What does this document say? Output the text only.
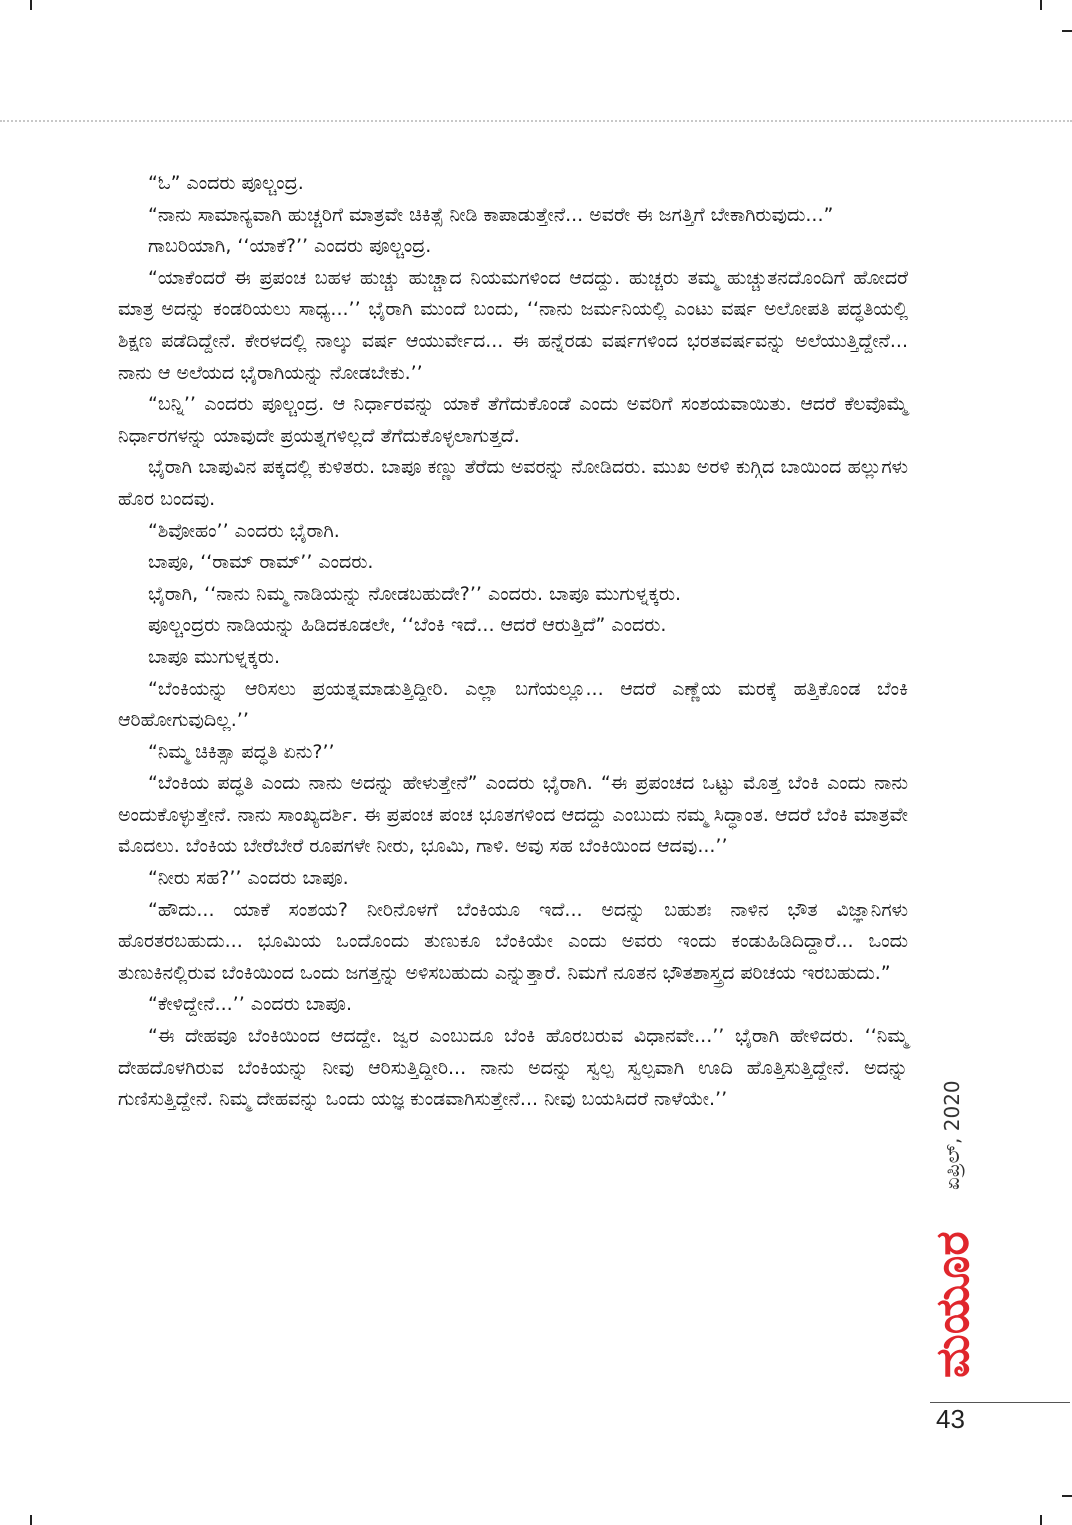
“ಓ” ಎಂದರು ಪೂಲ್ಚಂದ್ರ.

“ನಾನು ಸಾಮಾನ್ಯವಾಗಿ ಹುಚ್ಚರಿಗೆ ಮಾತ್ರವೇ ಚಿಕಿತ್ಸೆ ನೀಡಿ ಕಾಪಾಡುತ್ತೇನೆ... ಅವರೇ ಈ ಜಗತ್ತಿಗೆ ಬೇಕಾಗಿರುವುದು...”

ಗಾಬರಿಯಾಗಿ, ‘‘ಯಾಕೆ?’’ ಎಂದರು ಪೂಲ್ಚಂದ್ರ.

“ಯಾಕೆಂದರೆ ಈ ಪ್ರಪಂಚ ಬಹಳ ಹುಚ್ಚು ಹುಚ್ಚಾದ ನಿಯಮಗಳಿಂದ ಆದದ್ದು. ಹುಚ್ಚರು ತಮ್ಮ ಹುಚ್ಚುತನದೊಂದಿಗೆ ಹೋದರೆ ಮಾತ್ರ ಅದನ್ನು ಕಂಡರಿಯಲು ಸಾಧ್ಯ...’’ ಭೈರಾಗಿ ಮುಂದೆ ಬಂದು, ‘‘ನಾನು ಜರ್ಮನಿಯಲ್ಲಿ ಎಂಟು ವರ್ಷ ಅಲೋಪತಿ ಪದ್ಧತಿಯಲ್ಲಿ ಶಿಕ್ಷಣ ಪಡೆದಿದ್ದೇನೆ. ಕೇರಳದಲ್ಲಿ ನಾಲ್ಕು ವರ್ಷ ಆಯುರ್ವೇದ... ಈ ಹನ್ನೆರಡು ವರ್ಷಗಳಿಂದ ಭರತವರ್ಷವನ್ನು ಅಲೆಯುತ್ತಿದ್ದೇನೆ... ನಾನು ಆ ಅಲೆಯದ ಭೈರಾಗಿಯನ್ನು ನೋಡಬೇಕು.’’

“ಬನ್ನಿ’’ ಎಂದರು ಪೂಲ್ಚಂದ್ರ. ಆ ನಿರ್ಧಾರವನ್ನು ಯಾಕೆ ತೆಗೆದುಕೊಂಡೆ ಎಂದು ಅವರಿಗೆ ಸಂಶಯವಾಯಿತು. ಆದರೆ ಕೆಲವೊಮ್ಮೆ ನಿರ್ಧಾರಗಳನ್ನು ಯಾವುದೇ ಪ್ರಯತ್ನಗಳಿಲ್ಲದೆ ತೆಗೆದುಕೊಳ್ಳಲಾಗುತ್ತದೆ.

ಭೈರಾಗಿ ಬಾಪುವಿನ ಪಕ್ಕದಲ್ಲಿ ಕುಳಿತರು. ಬಾಪೂ ಕಣ್ಣು ತೆರೆದು ಅವರನ್ನು ನೋಡಿದರು. ಮುಖ ಅರಳಿ ಕುಗ್ಗಿದ ಬಾಯಿಂದ ಹಲ್ಲುಗಳು ಹೊರ ಬಂದವು.

“ಶಿವೋಹಂ’’ ಎಂದರು ಭೈರಾಗಿ.

ಬಾಪೂ, ‘‘ರಾಮ್ ರಾಮ್’’ ಎಂದರು.

ಭೈರಾಗಿ, ‘‘ನಾನು ನಿಮ್ಮ ನಾಡಿಯನ್ನು ನೋಡಬಹುದೇ?’’ ಎಂದರು. ಬಾಪೂ ಮುಗುಳ್ನಕ್ಕರು.

ಪೂಲ್ಚಂದ್ರರು ನಾಡಿಯನ್ನು ಹಿಡಿದಕೂಡಲೇ, ‘‘ಬೆಂಕಿ ಇದೆ... ಆದರೆ ಆರುತ್ತಿದೆ” ಎಂದರು.

ಬಾಪೂ ಮುಗುಳ್ನಕ್ಕರು.

“ಬೆಂಕಿಯನ್ನು ಆರಿಸಲು ಪ್ರಯತ್ನಮಾಡುತ್ತಿದ್ದೀರಿ. ಎಲ್ಲಾ ಬಗೆಯಲ್ಲೂ... ಆದರೆ ಎಣ್ಣೆಯ ಮರಕ್ಕೆ ಹತ್ತಿಕೊಂಡ ಬೆಂಕಿ ಆರಿಹೋಗುವುದಿಲ್ಲ.’’

“ನಿಮ್ಮ ಚಿಕಿತ್ಸಾ ಪದ್ಧತಿ ಏನು?’’

“ಬೆಂಕಿಯ ಪದ್ಧತಿ ಎಂದು ನಾನು ಅದನ್ನು ಹೇಳುತ್ತೇನೆ” ಎಂದರು ಭೈರಾಗಿ. “ಈ ಪ್ರಪಂಚದ ಒಟ್ಟು ಮೊತ್ತ ಬೆಂಕಿ ಎಂದು ನಾನು ಅಂದುಕೊಳ್ಳುತ್ತೇನೆ. ನಾನು ಸಾಂಖ್ಯದರ್ಶಿ. ಈ ಪ್ರಪಂಚ ಪಂಚ ಭೂತಗಳಿಂದ ಆದದ್ದು ಎಂಬುದು ನಮ್ಮ ಸಿದ್ಧಾಂತ. ಆದರೆ ಬೆಂಕಿ ಮಾತ್ರವೇ ಮೊದಲು. ಬೆಂಕಿಯ ಬೇರೆಬೇರೆ ರೂಪಗಳೇ ನೀರು, ಭೂಮಿ, ಗಾಳಿ. ಅವು ಸಹ ಬೆಂಕಿಯಿಂದ ಆದವು...’’

“ನೀರು ಸಹ?’’ ಎಂದರು ಬಾಪೂ.

“ಹೌದು... ಯಾಕೆ ಸಂಶಯ? ನೀರಿನೊಳಗೆ ಬೆಂಕಿಯೂ ಇದೆ... ಅದನ್ನು ಬಹುಶಃ ನಾಳಿನ ಭೌತ ವಿಜ್ಞಾನಿಗಳು ಹೊರತರಬಹುದು... ಭೂಮಿಯ ಒಂದೊಂದು ತುಣುಕೂ ಬೆಂಕಿಯೇ ಎಂದು ಅವರು ಇಂದು ಕಂಡುಹಿಡಿದಿದ್ದಾರೆ... ಒಂದು ತುಣುಕಿನಲ್ಲಿರುವ ಬೆಂಕಿಯಿಂದ ಒಂದು ಜಗತ್ತನ್ನು ಅಳಿಸಬಹುದು ಎನ್ನುತ್ತಾರೆ. ನಿಮಗೆ ನೂತನ ಭೌತಶಾಸ್ತ್ರದ ಪರಿಚಯ ಇರಬಹುದು.”

“ಕೇಳಿದ್ದೇನೆ...’’ ಎಂದರು ಬಾಪೂ.

“ಈ ದೇಹವೂ ಬೆಂಕಿಯಿಂದ ಆದದ್ದೇ. ಜ್ವರ ಎಂಬುದೂ ಬೆಂಕಿ ಹೊರಬರುವ ವಿಧಾನವೇ...’’ ಭೈರಾಗಿ ಹೇಳಿದರು. ‘‘ನಿಮ್ಮ ದೇಹದೊಳಗಿರುವ ಬೆಂಕಿಯನ್ನು ನೀವು ಆರಿಸುತ್ತಿದ್ದೀರಿ... ನಾನು ಅದನ್ನು ಸ್ವಲ್ಪ ಸ್ವಲ್ಪವಾಗಿ ಊದಿ ಹೊತ್ತಿಸುತ್ತಿದ್ದೇನೆ. ಅದನ್ನು ಗುಣಿಸುತ್ತಿದ್ದೇನೆ. ನಿಮ್ಮ ದೇಹವನ್ನು ಒಂದು ಯಜ್ಞ ಕುಂಡವಾಗಿಸುತ್ತೇನೆ... ನೀವು ಬಯಸಿದರೆ ನಾಳೆಯೇ.’’	ಏಪ್ರಿಲ್, 2020
ಮಯೂರ
43
